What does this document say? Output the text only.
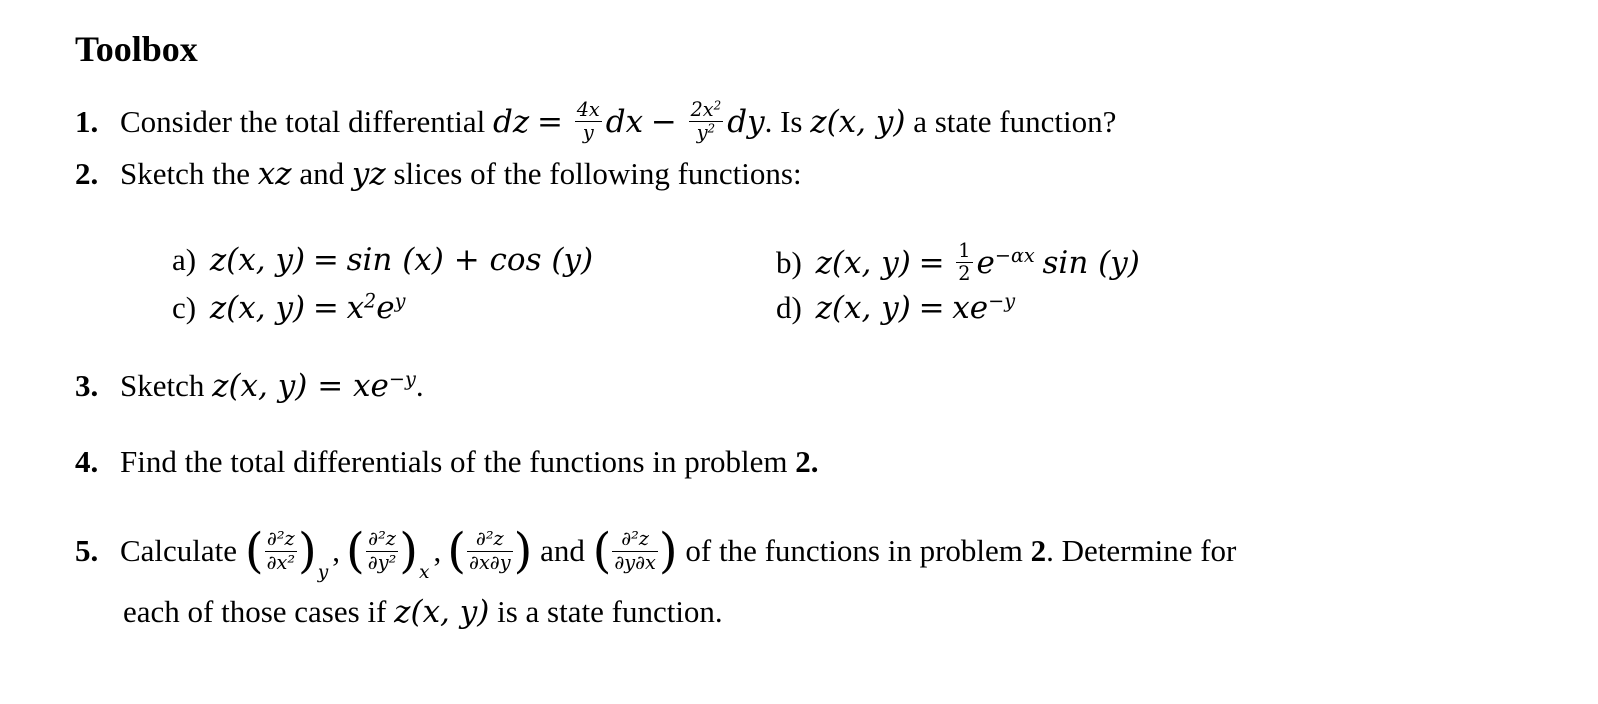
Toolbox
1. Consider the total differential dz = $\frac{4x}{y}$ dx − $\frac{2x^2}{y^2}$ dy. Is z(x, y) a state function?
2. Sketch the xz and yz slices of the following functions:
a) z(x, y) = sin (x) + cos (y)	b) z(x, $y) = \frac{1}{2} e^{-\alpha x}$ sin (y)
c) z(x, $y) = x^2e^y$	d) z(x, $y) = xe^{-y}$
3. Sketch z(x, $y) = xe^{-y}$.
4. Find the total differentials of the functions in problem 2.
5. Calculate ( $\frac{\text{∂²z}}{\text{∂x²}} )_y$, ( $\frac{\text{∂²z}}{\text{∂y²}} )_x$, ( $\frac{\text{∂²z}}{\partial x\partial y}$ ) and ( $\frac{\text{∂²z}}{\partial y\partial x}$ ) of the functions in problem 2. Determine for
each of those cases if z(x, y) is a state function.
